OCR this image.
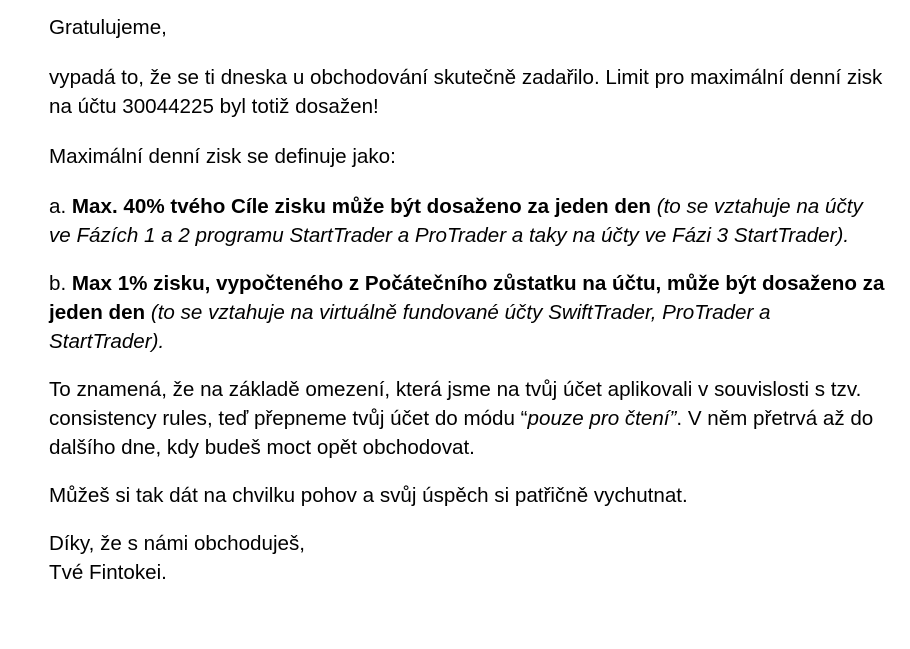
Gratulujeme,
vypadá to, že se ti dneska u obchodování skutečně zadařilo. Limit pro maximální denní zisk na účtu 30044225 byl totiž dosažen!
Maximální denní zisk se definuje jako:
a. Max. 40% tvého Cíle zisku může být dosaženo za jeden den (to se vztahuje na účty ve Fázích 1 a 2 programu StartTrader a ProTrader a taky na účty ve Fázi 3 StartTrader).
b. Max 1% zisku, vypočteného z Počátečního zůstatku na účtu, může být dosaženo za jeden den (to se vztahuje na virtuálně fundované účty SwiftTrader, ProTrader a StartTrader).
To znamená, že na základě omezení, která jsme na tvůj účet aplikovali v souvislosti s tzv. consistency rules, teď přepneme tvůj účet do módu “pouze pro čtení”. V něm přetrvá až do dalšího dne, kdy budeš moct opět obchodovat.
Můžeš si tak dát na chvilku pohov a svůj úspěch si patřičně vychutnat.
Díky, že s námi obchoduješ,
Tvé Fintokei.
